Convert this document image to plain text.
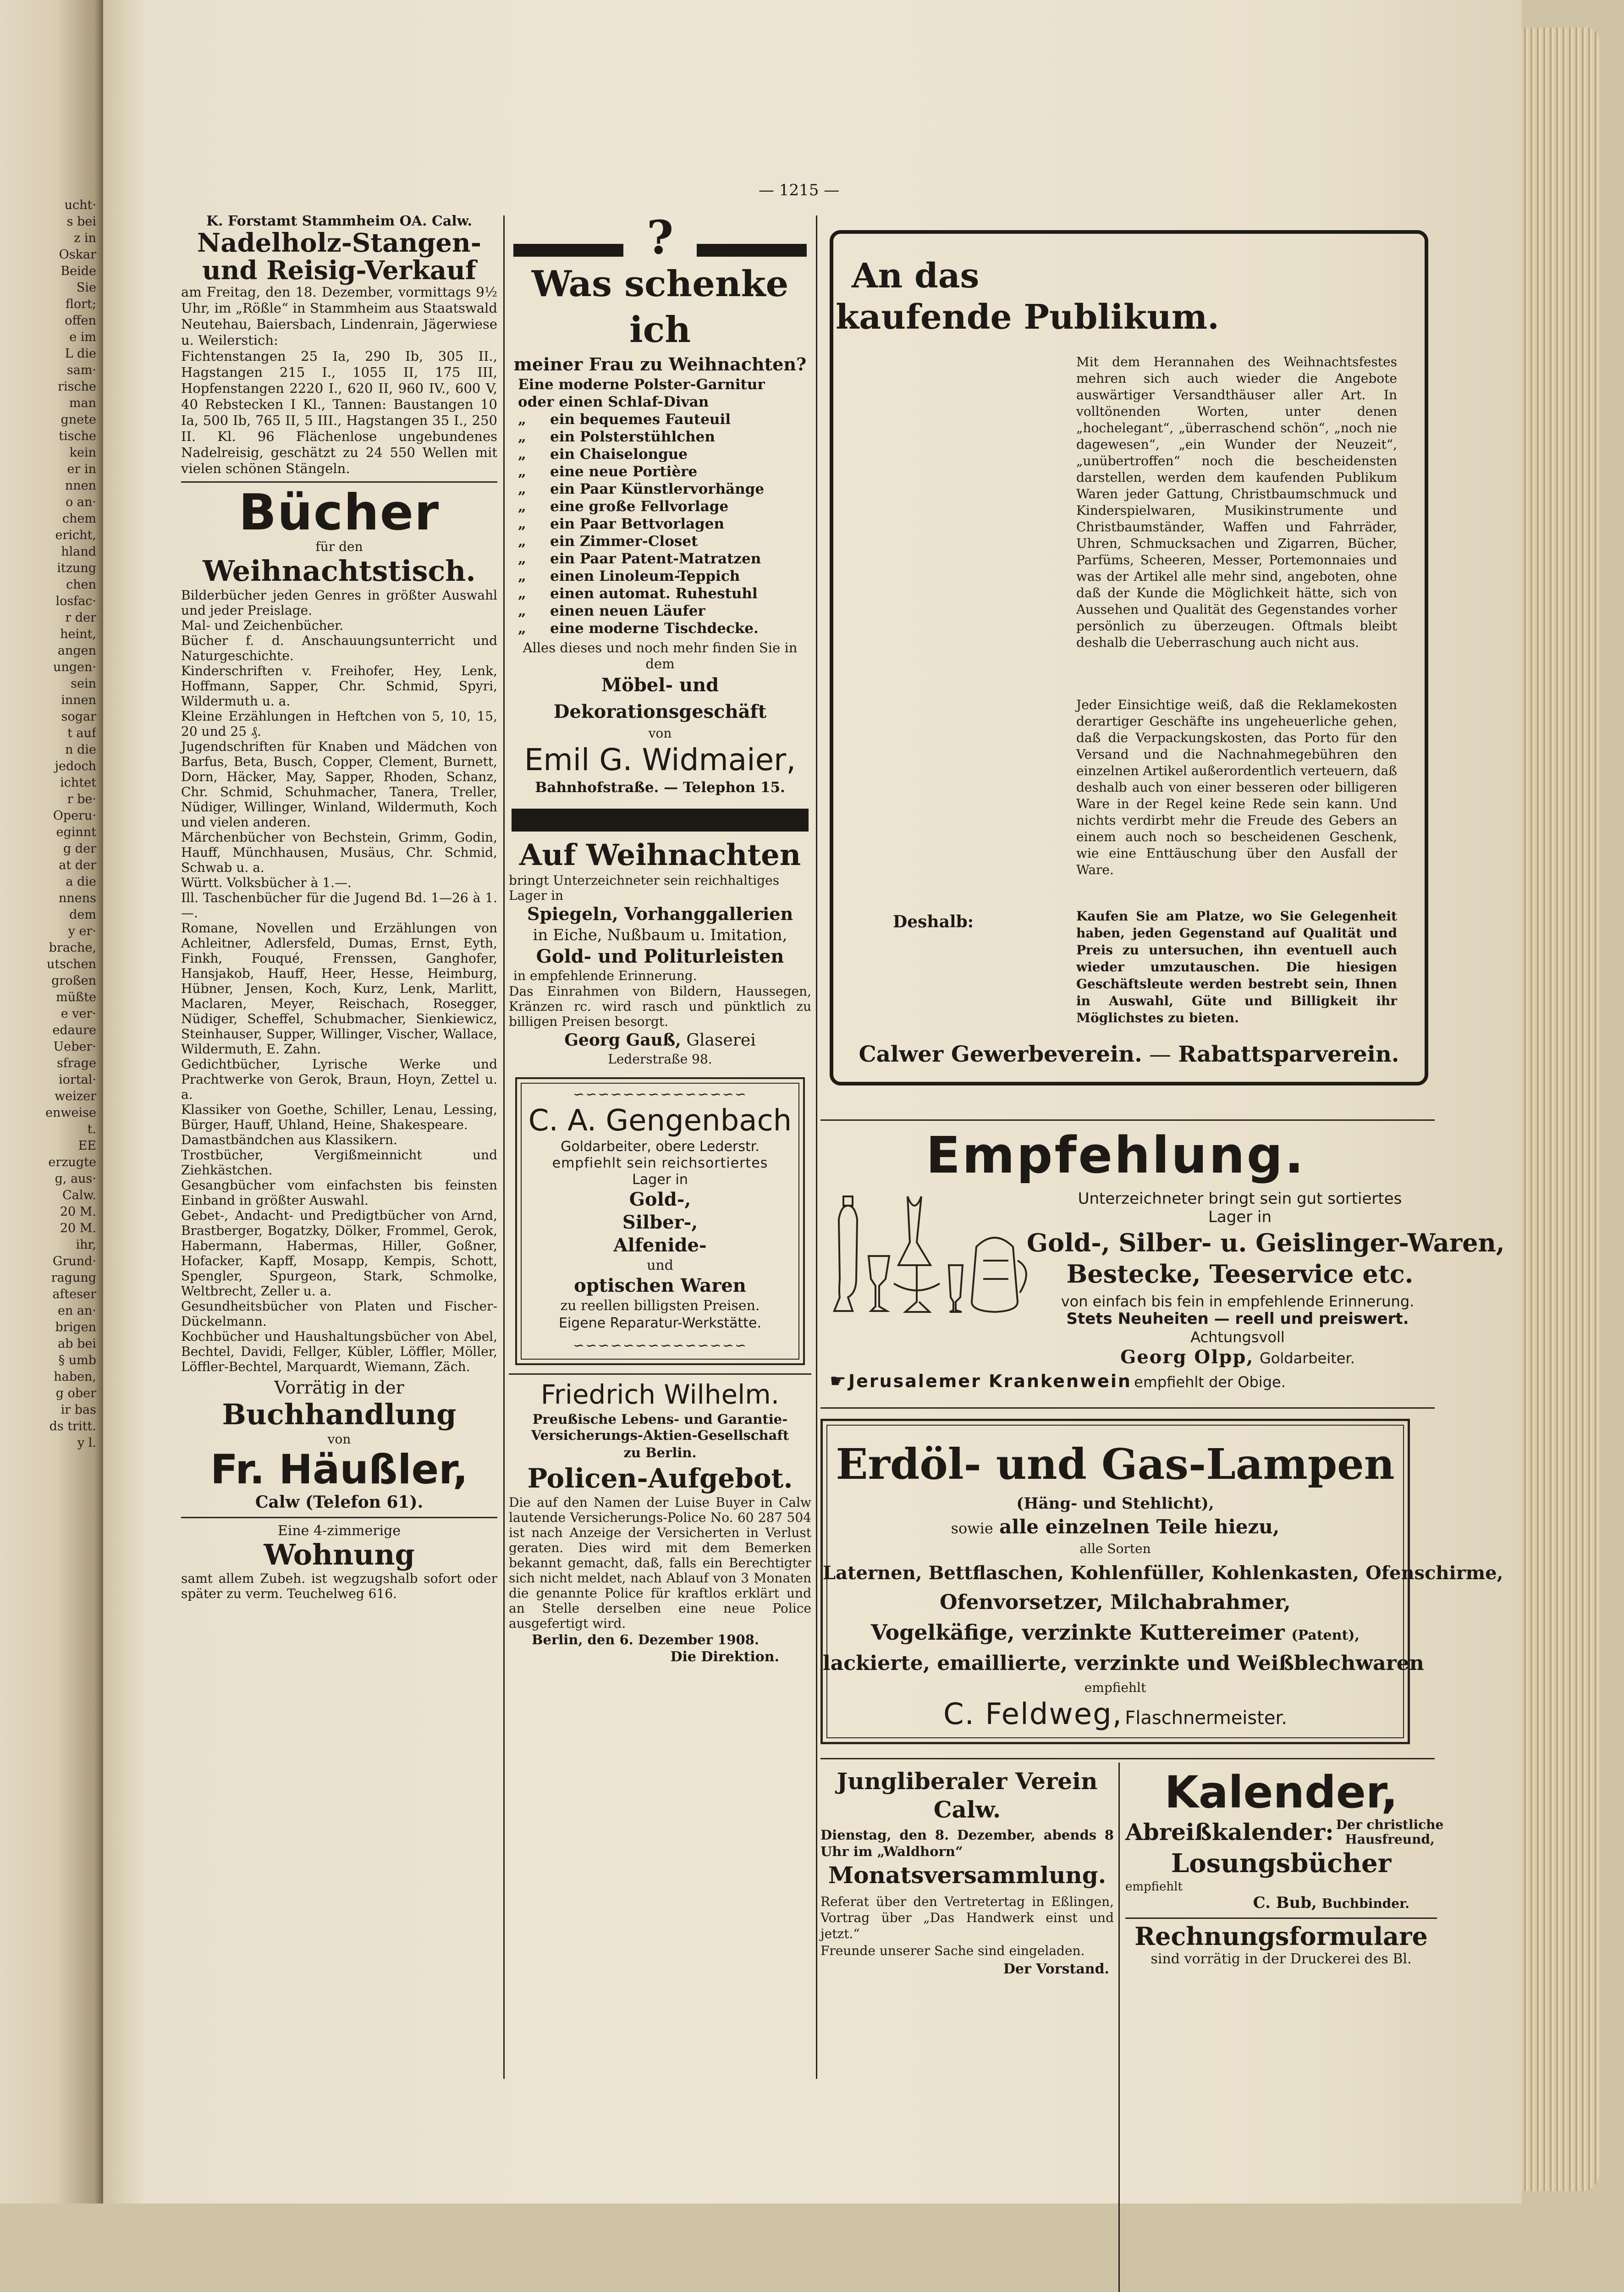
ucht·
s bei
z in
Oskar
Beide
Sie
flort;
offen
e im
L die
sam·
rische
man
gnete
tische
kein
er in
nnen
o an·
chem
ericht,
hland
itzung
chen
losfac·
r der
heint,
angen
ungen·
sein
innen
sogar
t auf
n die
jedoch
ichtet
r be·
Operu·
eginnt
g der
at der
a die
nnens
dem
y er·
brache,
utschen
großen
müßte
e ver·
edaure
Ueber·
sfrage
iortal·
weizer
enweise
t.
EE
erzugte
g, aus·
Calw.
20 M.
20 M.
ihr,
Grund·
ragung
afteser
en an·
brigen
ab bei
§ umb
haben,
g ober
ir bas
ds tritt.
y l.
— 1215 —
K. Forstamt Stammheim OA. Calw.
Nadelholz-Stangen-
und Reisig-Verkauf

am Freitag, den 18. Dezember, vormittags 9½ Uhr, im „Rößle“ in Stammheim aus Staatswald Neutehau, Baiersbach, Lindenrain, Jägerwiese u. Weilerstich:

Fichtenstangen 25 Ia, 290 Ib, 305 II., Hagstangen 215 I., 1055 II, 175 III, Hopfenstangen 2220 I., 620 II, 960 IV., 600 V, 40 Rebstecken I Kl., Tannen: Baustangen 10 Ia, 500 Ib, 765 II, 5 III., Hagstangen 35 I., 250 II. Kl. 96 Flächenlose ungebundenes Nadelreisig, geschätzt zu 24 550 Wellen mit vielen schönen Stängeln.

Bücher
für den
Weihnachtstisch.

Bilderbücher jeden Genres in größter Auswahl und jeder Preislage.

Mal- und Zeichenbücher.

Bücher f. d. Anschauungsunterricht und Naturgeschichte.

Kinderschriften v. Freihofer, Hey, Lenk, Hoffmann, Sapper, Chr. Schmid, Spyri, Wildermuth u. a.

Kleine Erzählungen in Heftchen von 5, 10, 15, 20 und 25 ₰.

Jugendschriften für Knaben und Mädchen von Barfus, Beta, Busch, Copper, Clement, Burnett, Dorn, Häcker, May, Sapper, Rhoden, Schanz, Chr. Schmid, Schuhmacher, Tanera, Treller, Nüdiger, Willinger, Winland, Wildermuth, Koch und vielen anderen.

Märchenbücher von Bechstein, Grimm, Godin, Hauff, Münchhausen, Musäus, Chr. Schmid, Schwab u. a.

Württ. Volksbücher à 1.—.

Ill. Taschenbücher für die Jugend Bd. 1—26 à 1.—.

Romane, Novellen und Erzählungen von Achleitner, Adlersfeld, Dumas, Ernst, Eyth, Finkh, Fouqué, Frenssen, Ganghofer, Hansjakob, Hauff, Heer, Hesse, Heimburg, Hübner, Jensen, Koch, Kurz, Lenk, Marlitt, Maclaren, Meyer, Reischach, Rosegger, Nüdiger, Scheffel, Schubmacher, Sienkiewicz, Steinhauser, Supper, Willinger, Vischer, Wallace, Wildermuth, E. Zahn.

Gedichtbücher, Lyrische Werke und Prachtwerke von Gerok, Braun, Hoyn, Zettel u. a.

Klassiker von Goethe, Schiller, Lenau, Lessing, Bürger, Hauff, Uhland, Heine, Shakespeare.

Damastbändchen aus Klassikern.

Trostbücher, Vergißmeinnicht und Ziehkästchen.

Gesangbücher vom einfachsten bis feinsten Einband in größter Auswahl.

Gebet-, Andacht- und Predigtbücher von Arnd, Brastberger, Bogatzky, Dölker, Frommel, Gerok, Habermann, Habermas, Hiller, Goßner, Hofacker, Kapff, Mosapp, Kempis, Schott, Spengler, Spurgeon, Stark, Schmolke, Weltbrecht, Zeller u. a.

Gesundheitsbücher von Platen und Fischer-Dückelmann.

Kochbücher und Haushaltungsbücher von Abel, Bechtel, Davidi, Fellger, Kübler, Löffler, Möller, Löffler-Bechtel, Marquardt, Wiemann, Zäch.

Vorrätig in der
Buchhandlung
von
Fr. Häußler,
Calw (Telefon 61).
Eine 4-zimmerige
Wohnung

samt allem Zubeh. ist wegzugshalb sofort oder später zu verm. Teuchelweg 616.

?
Was schenke ich
meiner Frau zu Weihnachten?
Eine moderne Polster-Garnitur
oder einen Schlaf-Divan
„ ein bequemes Fauteuil
„ ein Polsterstühlchen
„ ein Chaiselongue
„ eine neue Portière
„ ein Paar Künstlervorhänge
„ eine große Fellvorlage
„ ein Paar Bettvorlagen
„ ein Zimmer-Closet
„ ein Paar Patent-Matratzen
„ einen Linoleum-Teppich
„ einen automat. Ruhestuhl
„ einen neuen Läufer
„ eine moderne Tischdecke.
Alles dieses und noch mehr finden Sie in dem
Möbel- und Dekorationsgeschäft
von
Emil G. Widmaier,
Bahnhofstraße. — Telephon 15.
Auf Weihnachten

bringt Unterzeichneter sein reichhaltiges Lager in

Spiegeln, Vorhanggallerien
in Eiche, Nußbaum u. Imitation,
Gold- und Politurleisten
in empfehlende Erinnerung.

Das Einrahmen von Bildern, Haussegen, Kränzen rc. wird rasch und pünktlich zu billigen Preisen besorgt.

Georg Gauß, Glaserei
Lederstraße 98.
∽∽∽∽∽∽∽∽∽∽∽∽∽∽
C. A. Gengenbach
Goldarbeiter, obere Lederstr.
empfiehlt sein reichsortiertes
Lager in
Gold-,
Silber-,
Alfenide-
und
optischen Waren
zu reellen billigsten Preisen.
Eigene Reparatur-Werkstätte.
∽∽∽∽∽∽∽∽∽∽∽∽∽∽
Friedrich Wilhelm.
Preußische Lebens- und Garantie-
Versicherungs-Aktien-Gesellschaft
zu Berlin.
Policen-Aufgebot.

Die auf den Namen der Luise Buyer in Calw lautende Versicherungs-Police No. 60 287 504 ist nach Anzeige der Versicherten in Verlust geraten. Dies wird mit dem Bemerken bekannt gemacht, daß, falls ein Berechtigter sich nicht meldet, nach Ablauf von 3 Monaten die genannte Police für kraftlos erklärt und an Stelle derselben eine neue Police ausgefertigt wird.

Berlin, den 6. Dezember 1908.
Die Direktion.
An das
kaufende Publikum.

Mit dem Herannahen des Weihnachtsfestes mehren sich auch wieder die Angebote auswärtiger Versandthäuser aller Art. In volltönenden Worten, unter denen „hochelegant“, „überraschend schön“, „noch nie dagewesen“, „ein Wunder der Neuzeit“, „unübertroffen“ noch die bescheidensten darstellen, werden dem kaufenden Publikum Waren jeder Gattung, Christbaumschmuck und Kinderspielwaren, Musikinstrumente und Christbaumständer, Waffen und Fahrräder, Uhren, Schmucksachen und Zigarren, Bücher, Parfüms, Scheeren, Messer, Portemonnaies und was der Artikel alle mehr sind, angeboten, ohne daß der Kunde die Möglichkeit hätte, sich von Aussehen und Qualität des Gegenstandes vorher persönlich zu überzeugen. Oftmals bleibt deshalb die Ueberraschung auch nicht aus.

Jeder Einsichtige weiß, daß die Reklamekosten derartiger Geschäfte ins ungeheuerliche gehen, daß die Verpackungskosten, das Porto für den Versand und die Nachnahmegebühren den einzelnen Artikel außerordentlich verteuern, daß deshalb auch von einer besseren oder billigeren Ware in der Regel keine Rede sein kann. Und nichts verdirbt mehr die Freude des Gebers an einem auch noch so bescheidenen Geschenk, wie eine Enttäuschung über den Ausfall der Ware.

Deshalb:	Kaufen Sie am Platze, wo Sie Gelegenheit haben, jeden Gegenstand auf Qualität und Preis zu untersuchen, ihn eventuell auch wieder umzutauschen. Die hiesigen Geschäftsleute werden bestrebt sein, Ihnen in Auswahl, Güte und Billigkeit ihr Möglichstes zu bieten.

Calwer Gewerbeverein. — Rabattsparverein.
Empfehlung.
Unterzeichneter bringt sein gut sortiertes
Lager in
Gold-, Silber- u. Geislinger-Waren,
Bestecke, Teeservice etc.
von einfach bis fein in empfehlende Erinnerung.
Stets Neuheiten — reell und preiswert.
Achtungsvoll
Georg Olpp, Goldarbeiter.
☛ Jerusalemer Krankenwein empfiehlt der Obige.
Erdöl- und Gas-Lampen
(Häng- und Stehlicht),
sowie alle einzelnen Teile hiezu,
alle Sorten
Laternen, Bettflaschen, Kohlenfüller, Kohlenkasten, Ofenschirme,
Ofenvorsetzer, Milchabrahmer,
Vogelkäfige, verzinkte Kuttereimer (Patent),
lackierte, emaillierte, verzinkte und Weißblechwaren
empfiehlt
C. Feldweg, Flaschnermeister.
Jungliberaler Verein Calw.

Dienstag, den 8. Dezember, abends 8 Uhr im „Waldhorn“

Monatsversammlung.

Referat über den Vertretertag in Eßlingen, Vortrag über „Das Handwerk einst und jetzt.“

Freunde unserer Sache sind eingeladen.
Der Vorstand.
Kalender,
Abreißkalender: Der christliche
Hausfreund,
Losungsbücher
empfiehlt
C. Bub, Buchbinder.
Rechnungsformulare
sind vorrätig in der Druckerei des Bl.
